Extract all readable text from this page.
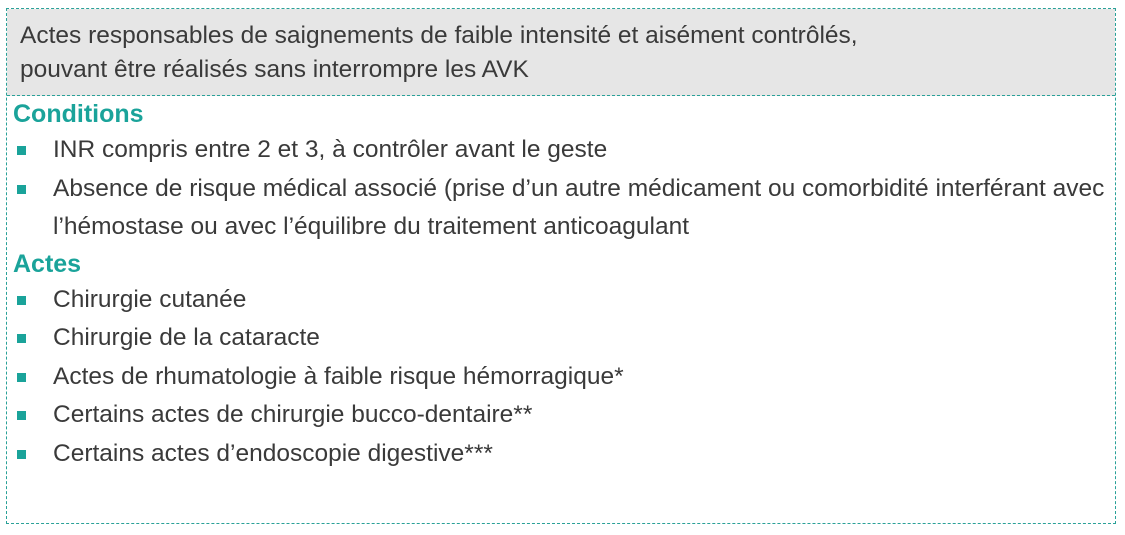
Actes responsables de saignements de faible intensité et aisément contrôlés,
pouvant être réalisés sans interrompre les AVK
Conditions
INR compris entre 2 et 3, à contrôler avant le geste
Absence de risque médical associé (prise d’un autre médicament ou comorbidité interférant avec l’hémostase ou avec l’équilibre du traitement anticoagulant
Actes
Chirurgie cutanée
Chirurgie de la cataracte
Actes de rhumatologie à faible risque hémorragique*
Certains actes de chirurgie bucco-dentaire**
Certains actes d’endoscopie digestive***
